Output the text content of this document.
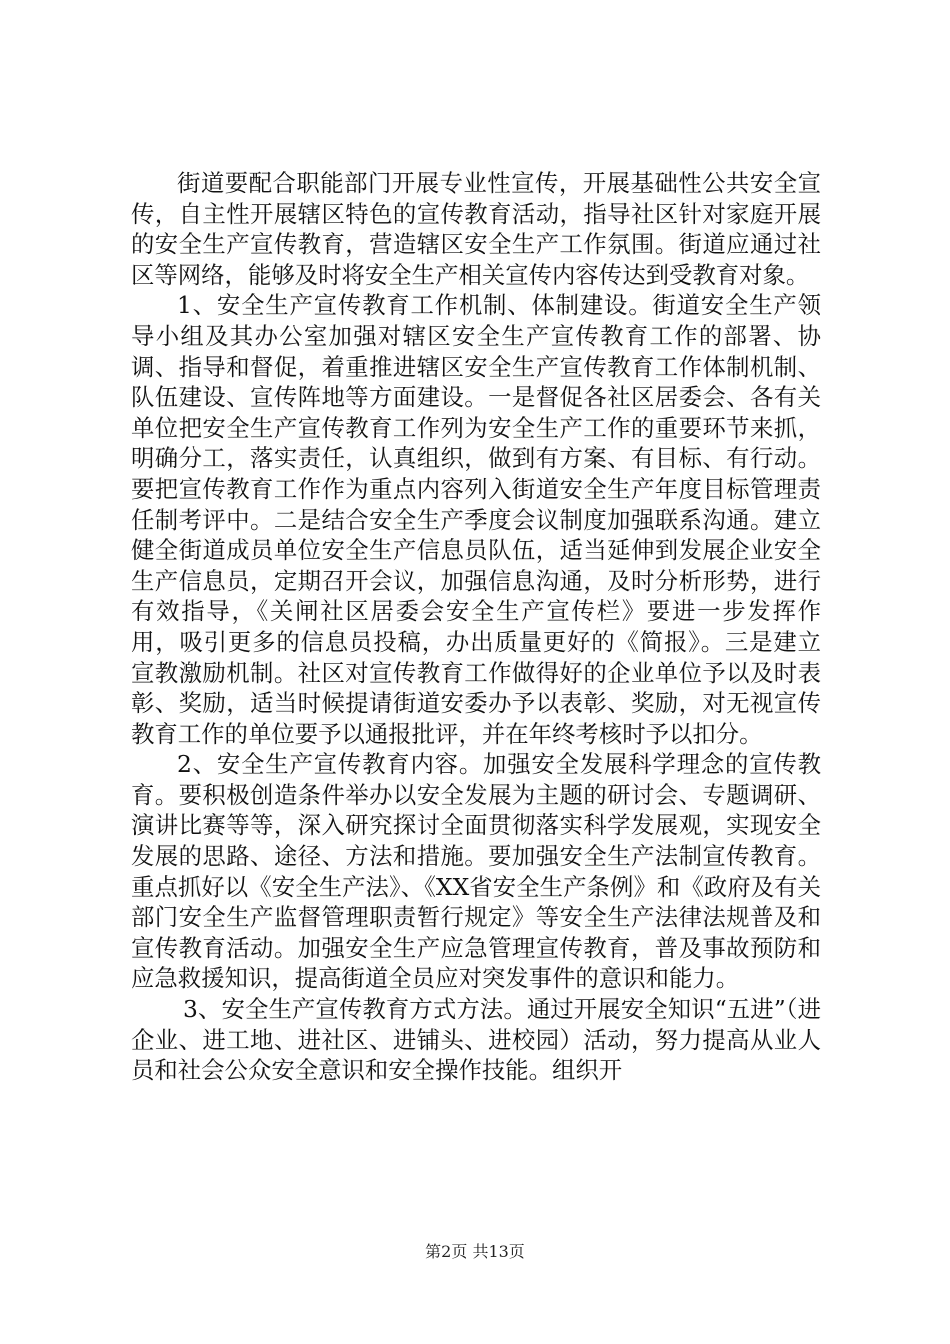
街道要配合职能部门开展专业性宣传，开展基础性公共安全宣传，自主性开展辖区特色的宣传教育活动，指导社区针对家庭开展的安全生产宣传教育，营造辖区安全生产工作氛围。街道应通过社区等网络，能够及时将安全生产相关宣传内容传达到受教育对象。

1、安全生产宣传教育工作机制、体制建设。街道安全生产领导小组及其办公室加强对辖区安全生产宣传教育工作的部署、协调、指导和督促，着重推进辖区安全生产宣传教育工作体制机制、队伍建设、宣传阵地等方面建设。一是督促各社区居委会、各有关单位把安全生产宣传教育工作列为安全生产工作的重要环节来抓，明确分工，落实责任，认真组织，做到有方案、有目标、有行动。要把宣传教育工作作为重点内容列入街道安全生产年度目标管理责任制考评中。二是结合安全生产季度会议制度加强联系沟通。建立健全街道成员单位安全生产信息员队伍，适当延伸到发展企业安全生产信息员，定期召开会议，加强信息沟通，及时分析形势，进行有效指导，《关闸社区居委会安全生产宣传栏》要进一步发挥作用，吸引更多的信息员投稿，办出质量更好的《简报》。三是建立宣教激励机制。社区对宣传教育工作做得好的企业单位予以及时表彰、奖励，适当时候提请街道安委办予以表彰、奖励，对无视宣传教育工作的单位要予以通报批评，并在年终考核时予以扣分。

2、安全生产宣传教育内容。加强安全发展科学理念的宣传教育。要积极创造条件举办以安全发展为主题的研讨会、专题调研、演讲比赛等等，深入研究探讨全面贯彻落实科学发展观，实现安全发展的思路、途径、方法和措施。要加强安全生产法制宣传教育。重点抓好以《安全生产法》、《XX省安全生产条例》和《政府及有关部门安全生产监督管理职责暂行规定》等安全生产法律法规普及和宣传教育活动。加强安全生产应急管理宣传教育，普及事故预防和应急救援知识，提高街道全员应对突发事件的意识和能力。

3、安全生产宣传教育方式方法。通过开展安全知识“五进”（进企业、进工地、进社区、进铺头、进校园）活动，努力提高从业人员和社会公众安全意识和安全操作技能。组织开

第2页 共13页
